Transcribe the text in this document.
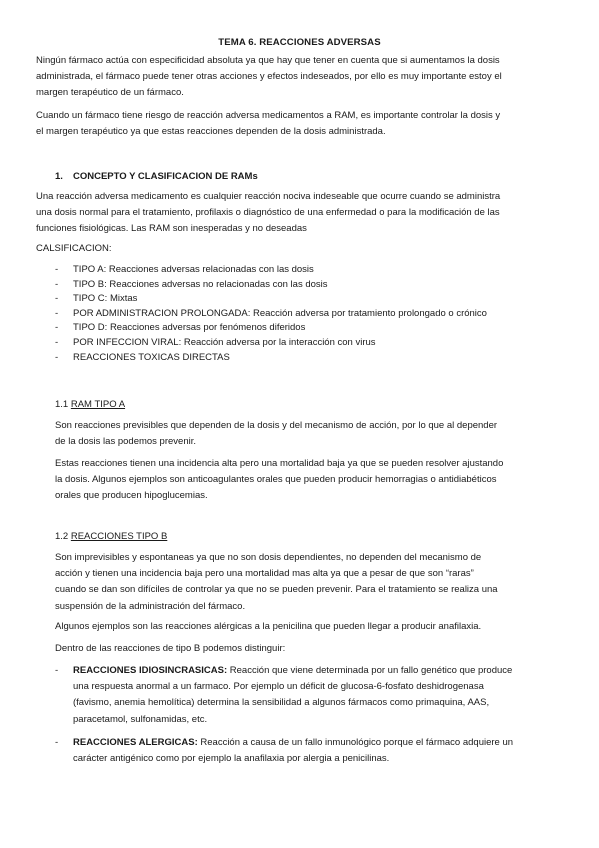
TEMA 6. REACCIONES ADVERSAS

Ningún fármaco actúa con especificidad absoluta ya que hay que tener en cuenta que si aumentamos la dosis
administrada, el fármaco puede tener otras acciones y efectos indeseados, por ello es muy importante estoy el
margen terapéutico de un fármaco.

Cuando un fármaco tiene riesgo de reacción adversa medicamentos a RAM, es importante controlar la dosis y
el margen terapéutico ya que estas reacciones dependen de la dosis administrada.

1. CONCEPTO Y CLASIFICACION DE RAMs

Una reacción adversa medicamento es cualquier reacción nociva indeseable que ocurre cuando se administra
una dosis normal para el tratamiento, profilaxis o diagnóstico de una enfermedad o para la modificación de las
funciones fisiológicas. Las RAM son inesperadas y no deseadas

CALSIFICACION:
- TIPO A: Reacciones adversas relacionadas con las dosis
- TIPO B: Reacciones adversas no relacionadas con las dosis
- TIPO C: Mixtas
- POR ADMINISTRACION PROLONGADA: Reacción adversa por tratamiento prolongado o crónico
- TIPO D: Reacciones adversas por fenómenos diferidos
- POR INFECCION VIRAL: Reacción adversa por la interacción con virus
- REACCIONES TOXICAS DIRECTAS
1.1 RAM TIPO A

Son reacciones previsibles que dependen de la dosis y del mecanismo de acción, por lo que al depender
de la dosis las podemos prevenir.

Estas reacciones tienen una incidencia alta pero una mortalidad baja ya que se pueden resolver ajustando
la dosis. Algunos ejemplos son anticoagulantes orales que pueden producir hemorragias o antidiabéticos
orales que producen hipoglucemias.

1.2 REACCIONES TIPO B

Son imprevisibles y espontaneas ya que no son dosis dependientes, no dependen del mecanismo de
acción y tienen una incidencia baja pero una mortalidad mas alta ya que a pesar de que son “raras”
cuando se dan son difíciles de controlar ya que no se pueden prevenir. Para el tratamiento se realiza una
suspensión de la administración del fármaco.

Algunos ejemplos son las reacciones alérgicas a la penicilina que pueden llegar a producir anafilaxia.

Dentro de las reacciones de tipo B podemos distinguir:

- REACCIONES IDIOSINCRASICAS: Reacción que viene determinada por un fallo genético que produce
una respuesta anormal a un farmaco. Por ejemplo un déficit de glucosa-6-fosfato deshidrogenasa
(favismo, anemia hemolítica) determina la sensibilidad a algunos fármacos como primaquina, AAS,
paracetamol, sulfonamidas, etc.
- REACCIONES ALERGICAS: Reacción a causa de un fallo inmunológico porque el fármaco adquiere un
carácter antigénico como por ejemplo la anafilaxia por alergia a penicilinas.
